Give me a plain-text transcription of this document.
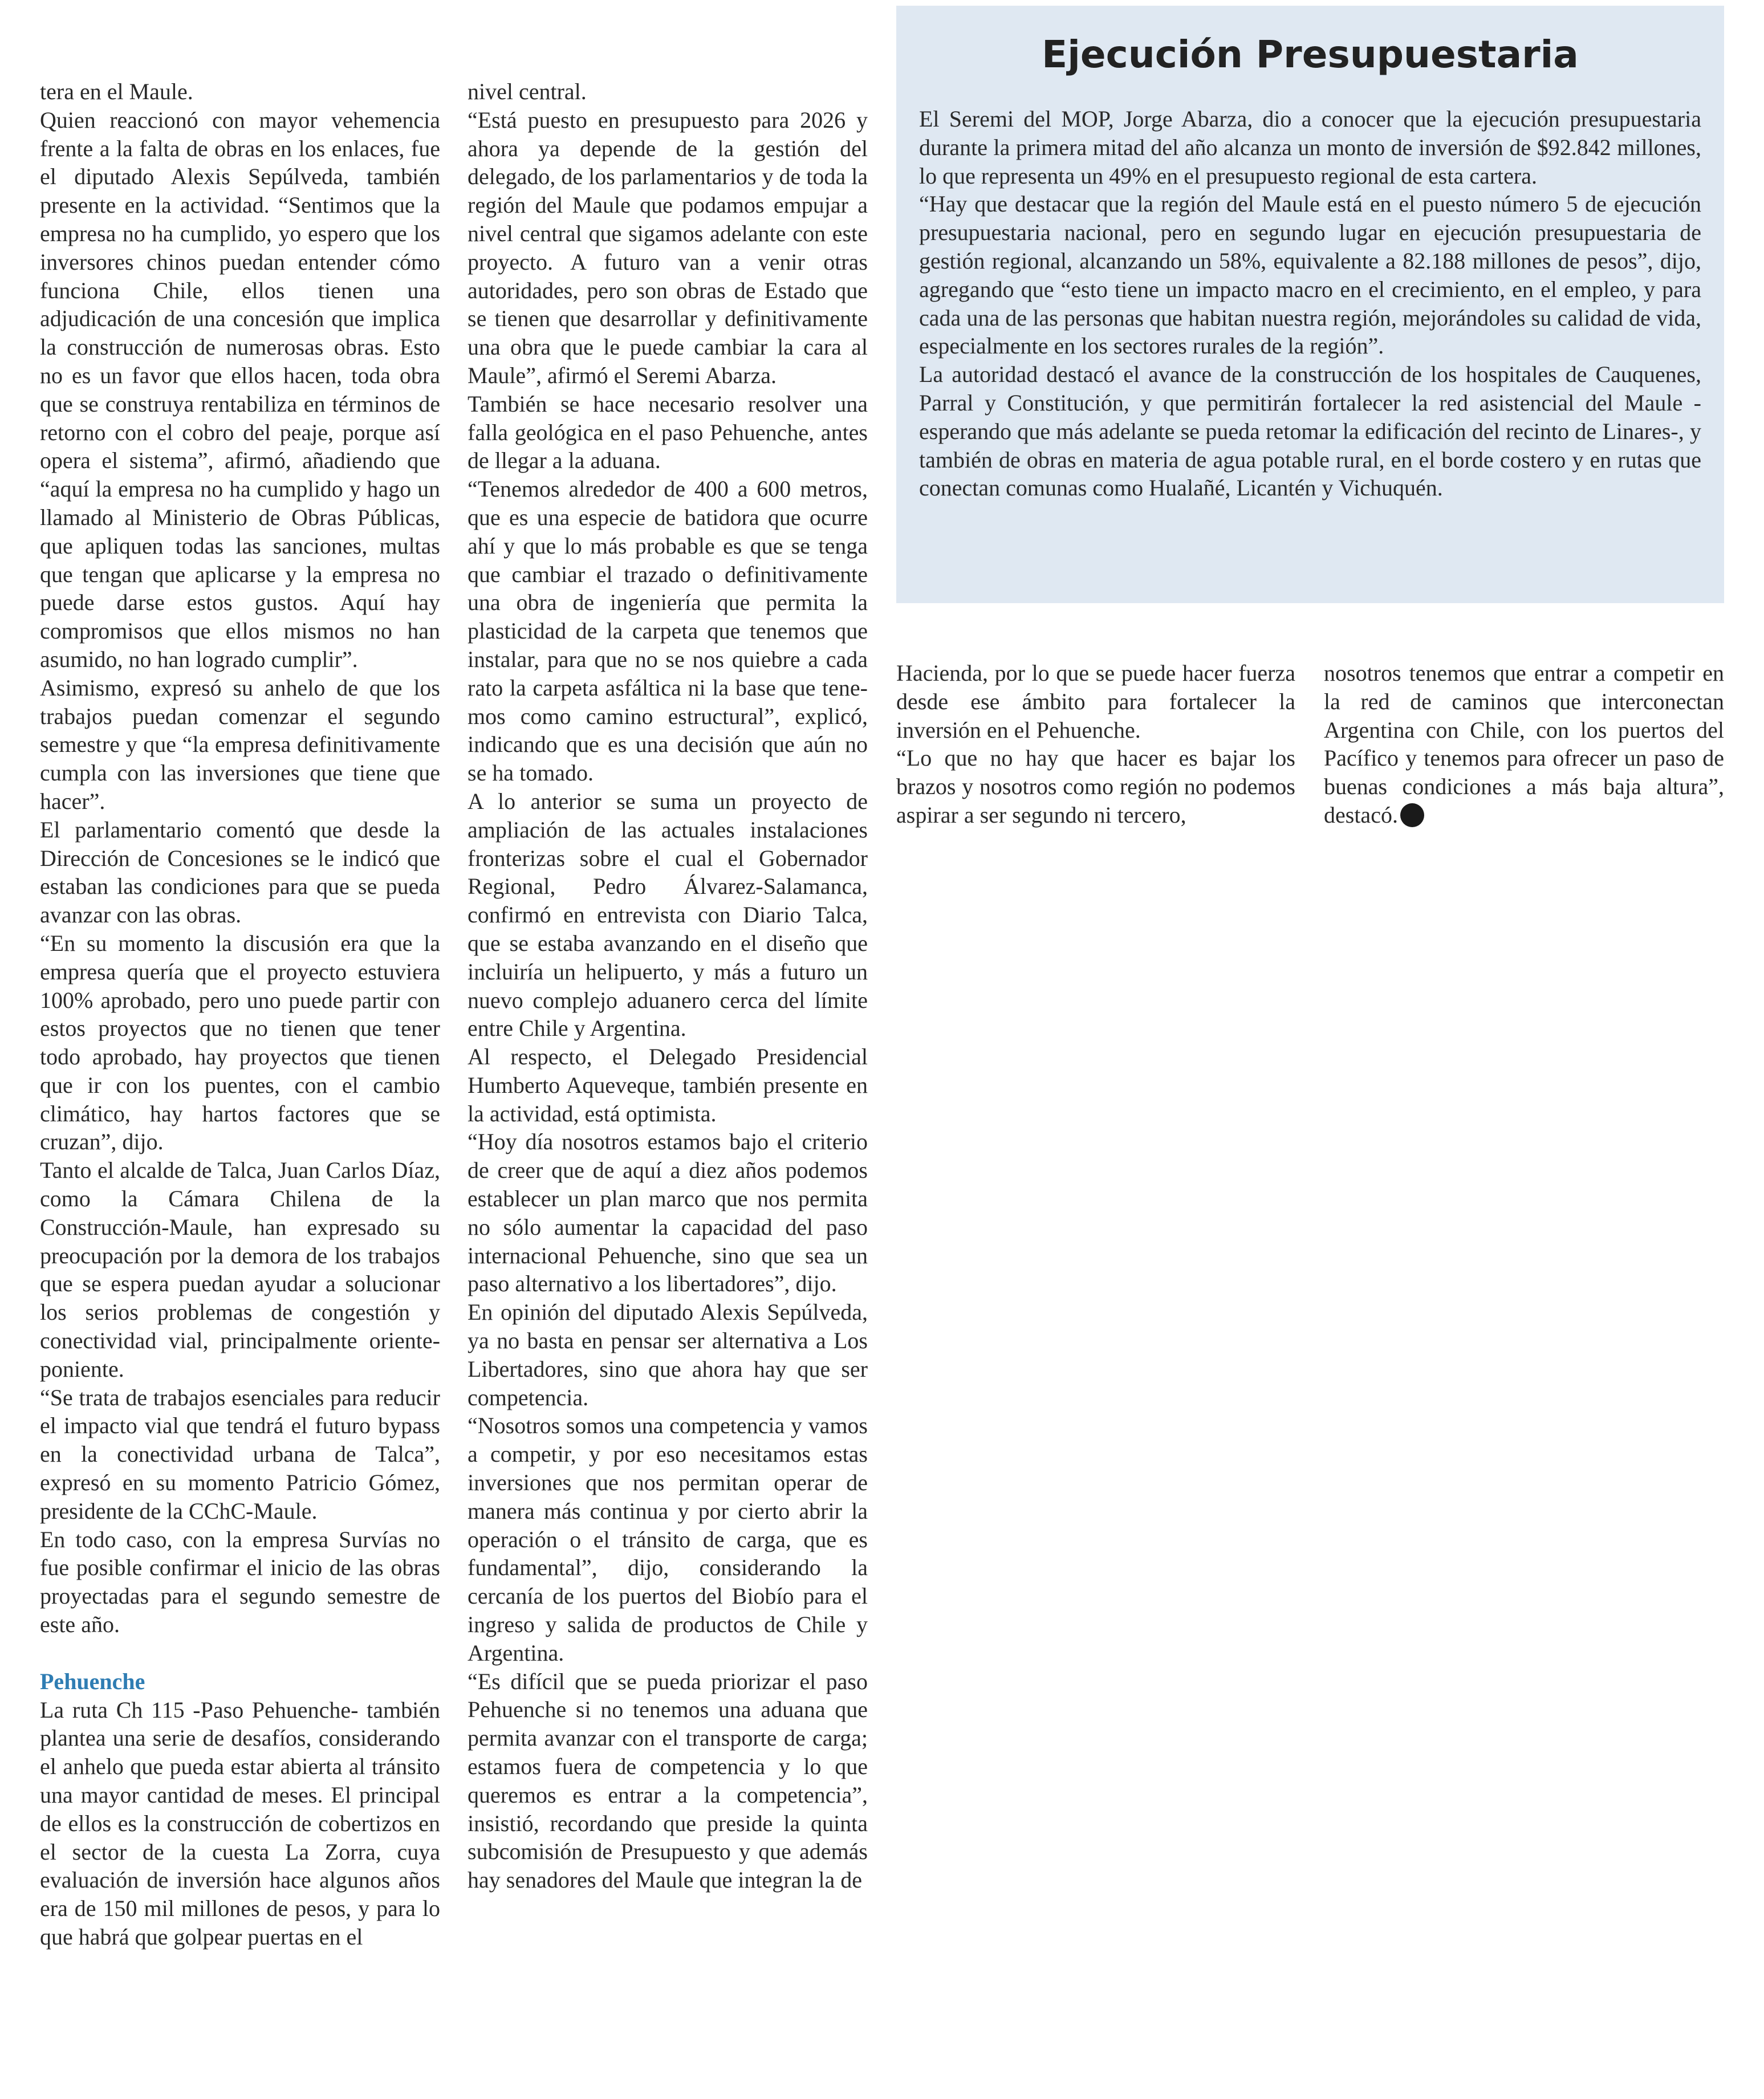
tera en el Maule.

Quien reaccionó con mayor vehemencia frente a la falta de obras en los enlaces, fue el diputado Alexis Sepúlveda, también presente en la actividad. “Sentimos que la empresa no ha cumplido, yo espero que los inversores chinos puedan entender cómo funciona Chile, ellos tienen una adjudicación de una concesión que implica la construcción de numerosas obras. Esto no es un favor que ellos hacen, toda obra que se construya rentabiliza en términos de retorno con el cobro del peaje, porque así opera el sistema”, afirmó, añadiendo que “aquí la empresa no ha cumplido y hago un llamado al Ministerio de Obras Públicas, que apliquen todas las sanciones, multas que tengan que aplicarse y la empresa no puede darse estos gustos. Aquí hay compromisos que ellos mismos no han asumido, no han logrado cumplir”.

Asimismo, expresó su anhelo de que los trabajos puedan comenzar el segundo semestre y que “la empresa definitivamente cumpla con las inversiones que tiene que hacer”.

El parlamentario comentó que desde la Dirección de Concesiones se le indicó que estaban las condiciones para que se pueda avanzar con las obras.

“En su momento la discusión era que la empresa quería que el proyecto estuviera 100% aprobado, pero uno puede partir con estos proyectos que no tienen que tener todo aprobado, hay proyectos que tienen que ir con los puentes, con el cambio climático, hay hartos factores que se cruzan”, dijo.

Tanto el alcalde de Talca, Juan Carlos Díaz, como la Cámara Chilena de la Construcción-Maule, han expresado su preocupación por la demora de los trabajos que se espera puedan ayudar a solucionar los serios problemas de congestión y conectividad vial, principalmente oriente-poniente.

“Se trata de trabajos esenciales para reducir el impacto vial que tendrá el futuro bypass en la conectividad urbana de Talca”, expresó en su momento Patricio Gómez, presidente de la CChC-Maule.

En todo caso, con la empresa Survías no fue posible confirmar el inicio de las obras proyectadas para el segundo semestre de este año.

Pehuenche

La ruta Ch 115 -Paso Pehuenche- también plantea una serie de desafíos, considerando el anhelo que pueda estar abierta al tránsito una mayor cantidad de meses. El principal de ellos es la construcción de cobertizos en el sector de la cuesta La Zorra, cuya evaluación de inversión hace algunos años era de 150 mil millones de pesos, y para lo que habrá que golpear puertas en el

nivel central.

“Está puesto en presupuesto para 2026 y ahora ya depende de la gestión del delegado, de los parlamentarios y de toda la región del Maule que podamos empujar a nivel central que sigamos adelante con este proyecto. A futuro van a venir otras autoridades, pero son obras de Estado que se tienen que desarrollar y definitivamente una obra que le puede cambiar la cara al Maule”, afirmó el Seremi Abarza.

También se hace necesario resolver una falla geológica en el paso Pehuenche, antes de llegar a la aduana.

“Tenemos alrededor de 400 a 600 metros, que es una especie de batidora que ocurre ahí y que lo más probable es que se tenga que cambiar el trazado o definitivamente una obra de ingeniería que permita la plasticidad de la carpeta que tenemos que instalar, para que no se nos quiebre a cada rato la carpeta asfáltica ni la base que tenemos como camino estructural”, explicó, indicando que es una decisión que aún no se ha tomado.

A lo anterior se suma un proyecto de ampliación de las actuales instalaciones fronterizas sobre el cual el Gobernador Regional, Pedro Álvarez-Salamanca, confirmó en entrevista con Diario Talca, que se estaba avanzando en el diseño que incluiría un helipuerto, y más a futuro un nuevo complejo aduanero cerca del límite entre Chile y Argentina.

Al respecto, el Delegado Presidencial Humberto Aqueveque, también presente en la actividad, está optimista.

“Hoy día nosotros estamos bajo el criterio de creer que de aquí a diez años podemos establecer un plan marco que nos permita no sólo aumentar la capacidad del paso internacional Pehuenche, sino que sea un paso alternativo a los libertadores”, dijo.

En opinión del diputado Alexis Sepúlveda, ya no basta en pensar ser alternativa a Los Libertadores, sino que ahora hay que ser competencia.

“Nosotros somos una competencia y vamos a competir, y por eso necesitamos estas inversiones que nos permitan operar de manera más continua y por cierto abrir la operación o el tránsito de carga, que es fundamental”, dijo, considerando la cercanía de los puertos del Biobío para el ingreso y salida de productos de Chile y Argentina.

“Es difícil que se pueda priorizar el paso Pehuenche si no tenemos una aduana que permita avanzar con el transporte de carga; estamos fuera de competencia y lo que queremos es entrar a la competencia”, insistió, recordando que preside la quinta subcomisión de Presupuesto y que además hay senadores del Maule que integran la de

Ejecución Presupuestaria

El Seremi del MOP, Jorge Abarza, dio a conocer que la ejecución presupuestaria durante la primera mitad del año alcanza un monto de inversión de $92.842 millones, lo que representa un 49% en el presupuesto regional de esta cartera.

“Hay que destacar que la región del Maule está en el puesto número 5 de ejecución presupuestaria nacional, pero en segundo lugar en ejecución presupuestaria de gestión regional, alcanzando un 58%, equivalente a 82.188 millones de pesos”, dijo, agregando que “esto tiene un impacto macro en el crecimiento, en el empleo, y para cada una de las personas que habitan nuestra región, mejorándoles su calidad de vida, especialmente en los sectores rurales de la región”.

La autoridad destacó el avance de la construcción de los hospitales de Cauquenes, Parral y Constitución, y que permitirán fortalecer la red asistencial del Maule -esperando que más adelante se pueda retomar la edificación del recinto de Linares-, y también de obras en materia de agua potable rural, en el borde costero y en rutas que conectan comunas como Hualañé, Licantén y Vichuquén.

Hacienda, por lo que se puede hacer fuerza desde ese ámbito para fortalecer la inversión en el Pehuenche.

“Lo que no hay que hacer es bajar los brazos y nosotros como región no podemos aspirar a ser segundo ni tercero,

nosotros tenemos que entrar a competir en la red de caminos que interconectan Argentina con Chile, con los puertos del Pacífico y tenemos para ofrecer un paso de buenas condiciones a más baja altura”, destacó.
